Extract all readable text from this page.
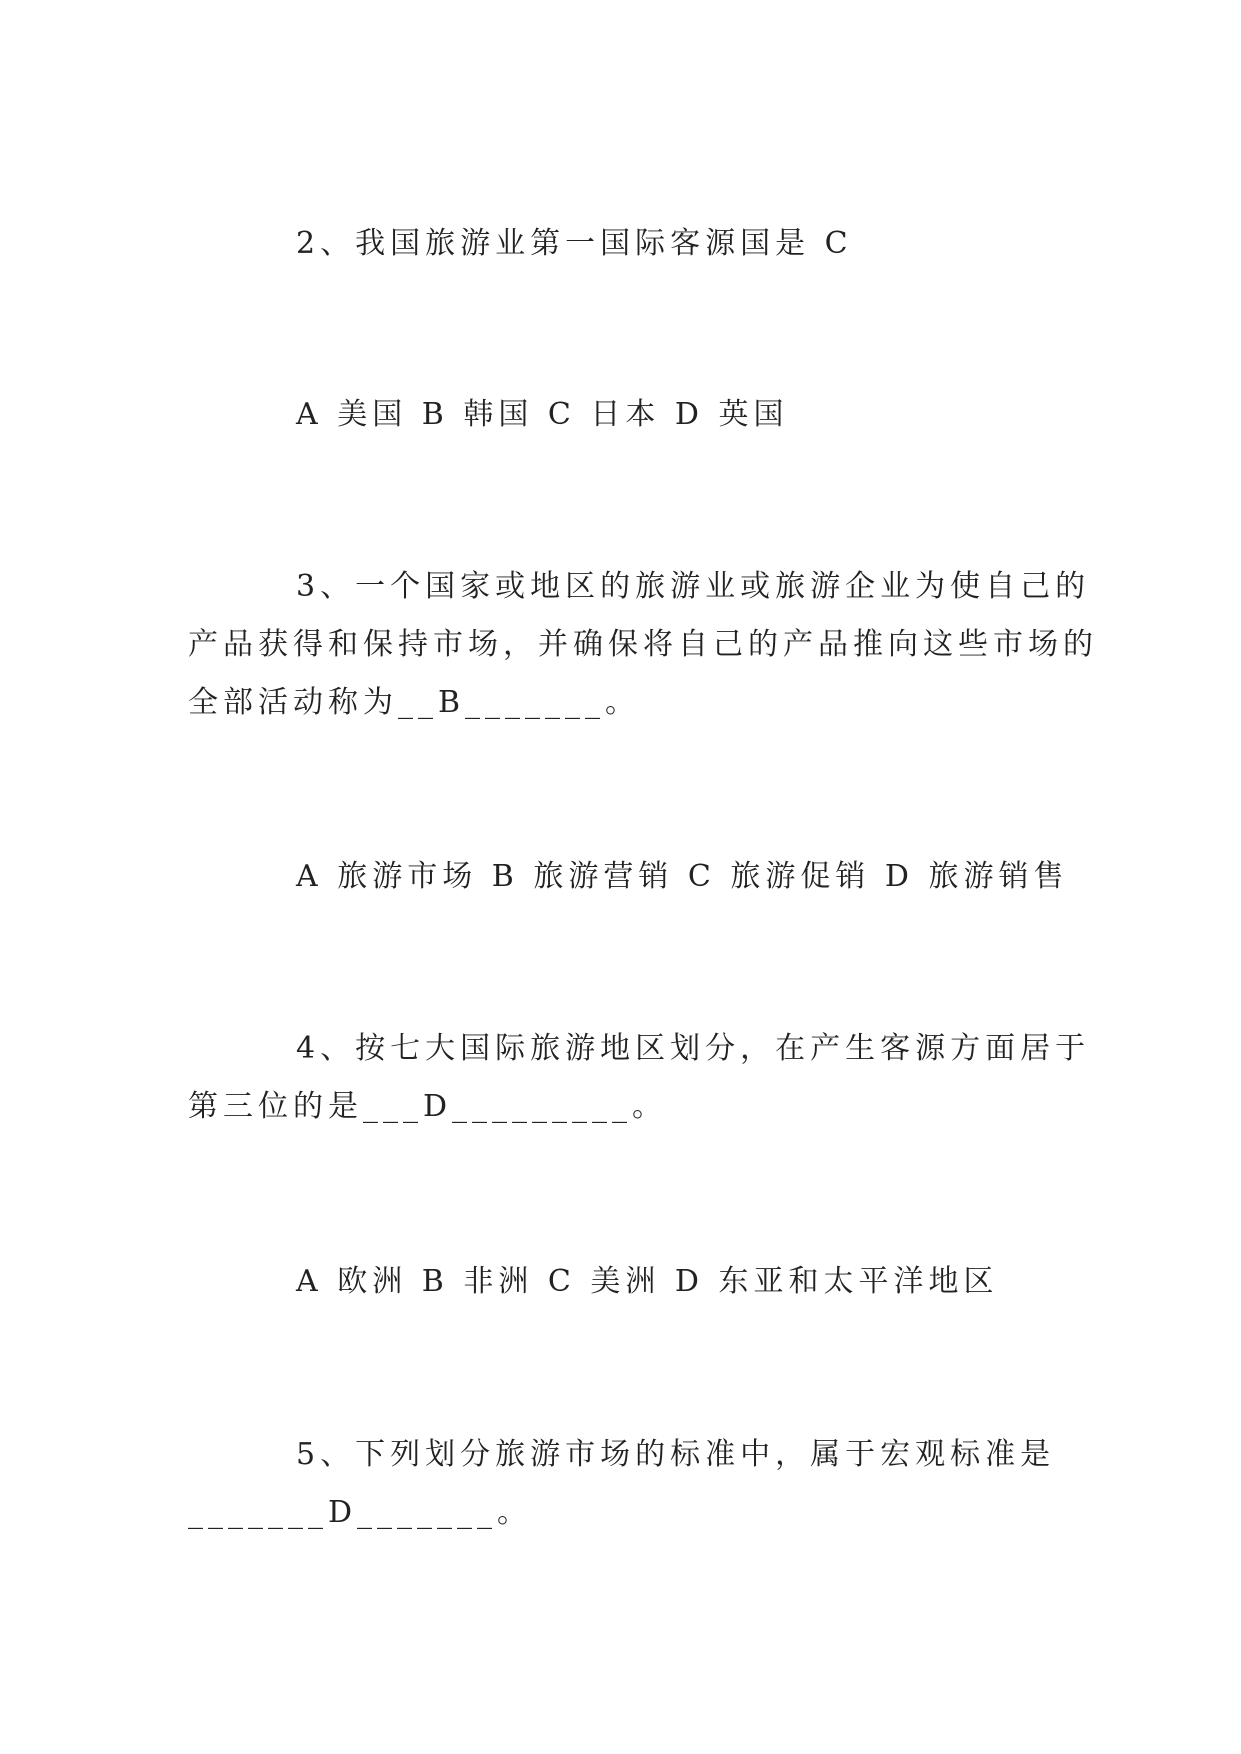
2、我国旅游业第一国际客源国是 C

A 美国 B 韩国 C 日本 D 英国

3、一个国家或地区的旅游业或旅游企业为使自己的

产品获得和保持市场，并确保将自己的产品推向这些市场的

全部活动称为__B_______。

A 旅游市场 B 旅游营销 C 旅游促销 D 旅游销售

4、按七大国际旅游地区划分，在产生客源方面居于

第三位的是___D_________。

A 欧洲 B 非洲 C 美洲 D 东亚和太平洋地区

5、下列划分旅游市场的标准中，属于宏观标准是

_______D_______。
